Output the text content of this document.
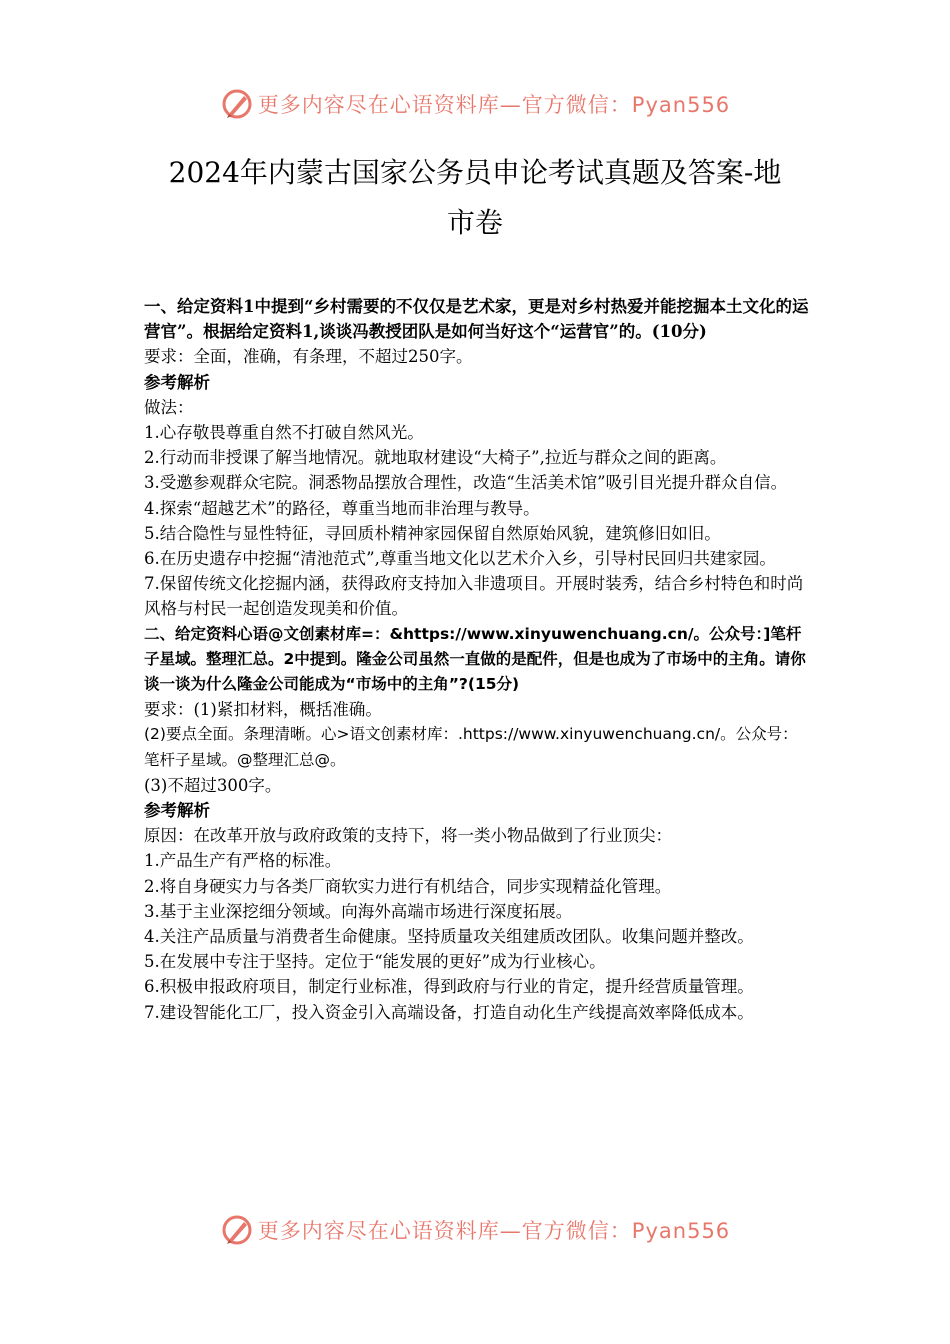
更多内容尽在心语资料库—官方微信：Pyan556
2024年内蒙古国家公务员申论考试真题及答案-地
市卷

一、给定资料1中提到“乡村需要的不仅仅是艺术家，更是对乡村热爱并能挖掘本土文化的运营官”。根据给定资料1,谈谈冯教授团队是如何当好这个“运营官”的。(10分)

要求：全面，准确，有条理，不超过250字。

参考解析

做法：

1.心存敬畏尊重自然不打破自然风光。

2.行动而非授课了解当地情况。就地取材建设“大椅子”,拉近与群众之间的距离。

3.受邀参观群众宅院。洞悉物品摆放合理性，改造“生活美术馆”吸引目光提升群众自信。

4.探索“超越艺术”的路径，尊重当地而非治理与教导。

5.结合隐性与显性特征，寻回质朴精神家园保留自然原始风貌，建筑修旧如旧。

6.在历史遗存中挖掘“清池范式”,尊重当地文化以艺术介入乡，引导村民回归共建家园。

7.保留传统文化挖掘内涵，获得政府支持加入非遗项目。开展时装秀，结合乡村特色和时尚风格与村民一起创造发现美和价值。

二、给定资料心语@文创素材库=：&https://www.xinyuwenchuang.cn/。公众号：]笔杆子星域。整理汇总。2中提到。隆金公司虽然一直做的是配件，但是也成为了市场中的主角。请你谈一谈为什么隆金公司能成为“市场中的主角”?(15分)

要求：(1)紧扣材料，概括准确。

(2)要点全面。条理清晰。心>语文创素材库：.https://www.xinyuwenchuang.cn/。公众号：笔杆子星域。@整理汇总@。

(3)不超过300字。

参考解析

原因：在改革开放与政府政策的支持下，将一类小物品做到了行业顶尖：

1.产品生产有严格的标准。

2.将自身硬实力与各类厂商软实力进行有机结合，同步实现精益化管理。

3.基于主业深挖细分领域。向海外高端市场进行深度拓展。

4.关注产品质量与消费者生命健康。坚持质量攻关组建质改团队。收集问题并整改。

5.在发展中专注于坚持。定位于“能发展的更好”成为行业核心。

6.积极申报政府项目，制定行业标准，得到政府与行业的肯定，提升经营质量管理。

7.建设智能化工厂，投入资金引入高端设备，打造自动化生产线提高效率降低成本。

更多内容尽在心语资料库—官方微信：Pyan556
